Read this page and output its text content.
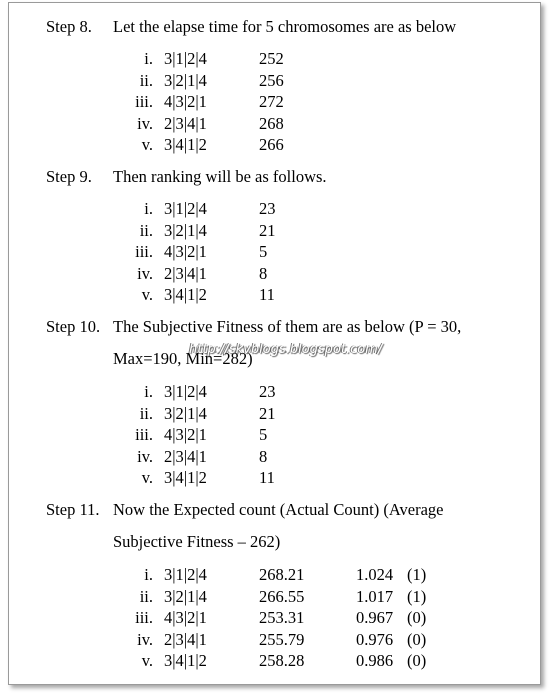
Step 8. Let the elapse time for 5 chromosomes are as below
i. 3|1|2|4	252
ii. 3|2|1|4	256
iii. 4|3|2|1	272
iv. 2|3|4|1	268
v. 3|4|1|2	266
Step 9. Then ranking will be as follows.
i. 3|1|2|4	23
ii. 3|2|1|4	21
iii. 4|3|2|1	5
iv. 2|3|4|1	8
v. 3|4|1|2	11
Step 10. The Subjective Fitness of them are as below (P = 30,
Max=190, Min=282)
i. 3|1|2|4	23
ii. 3|2|1|4	21
iii. 4|3|2|1	5
iv. 2|3|4|1	8
v. 3|4|1|2	11
Step 11. Now the Expected count (Actual Count) (Average
Subjective Fitness – 262)
i. 3|1|2|4	268.21	1.024 (1)
ii. 3|2|1|4	266.55	1.017 (1)
iii. 4|3|2|1	253.31	0.967 (0)
iv. 2|3|4|1	255.79	0.976 (0)
v. 3|4|1|2	258.28	0.986 (0)
http://skvblogs.blogspot.com/
